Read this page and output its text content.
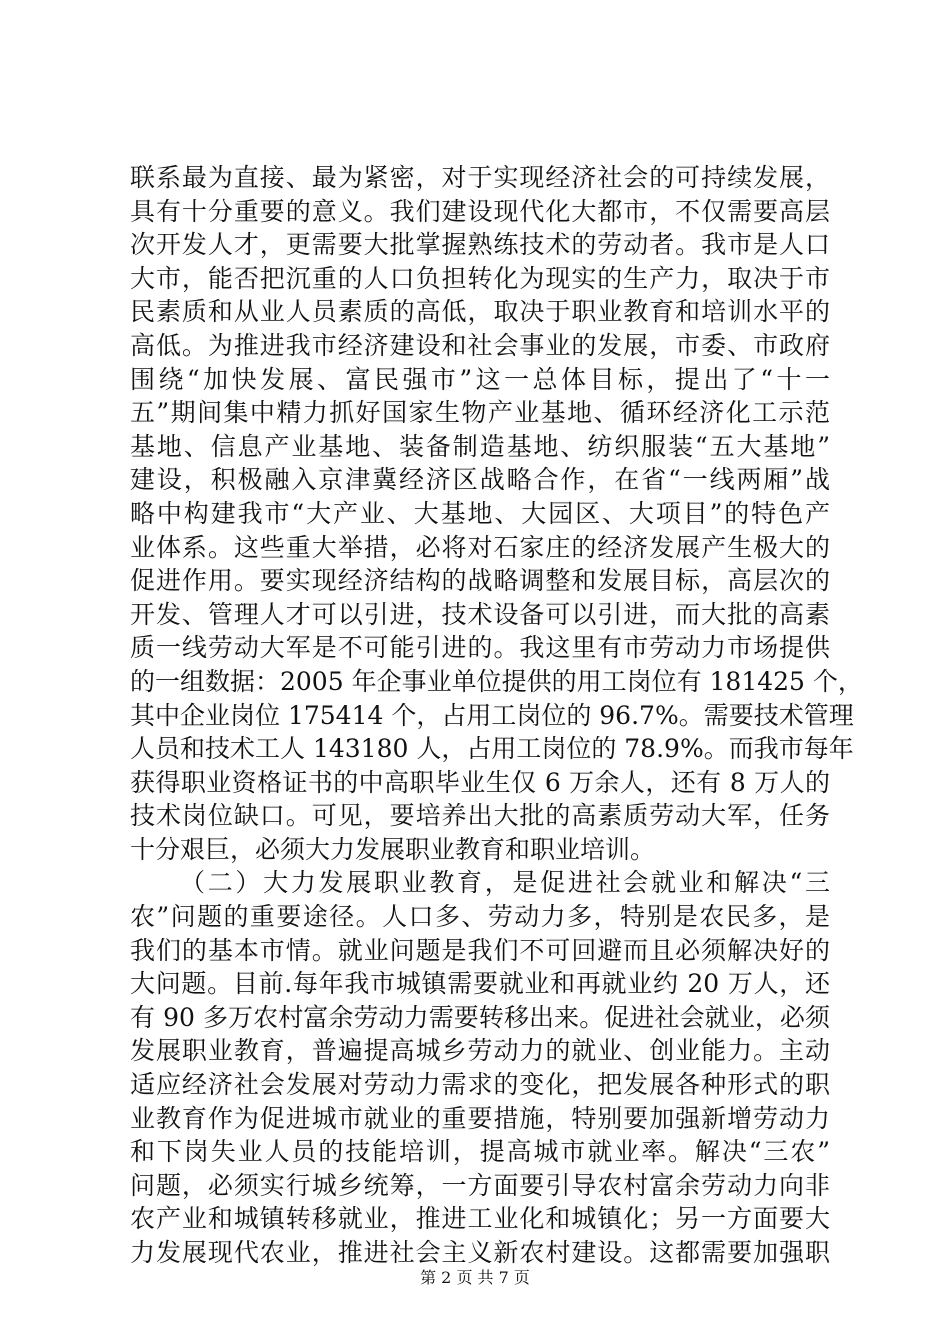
联系最为直接、最为紧密，对于实现经济社会的可持续发展，
具有十分重要的意义。我们建设现代化大都市，不仅需要高层
次开发人才，更需要大批掌握熟练技术的劳动者。我市是人口
大市，能否把沉重的人口负担转化为现实的生产力，取决于市
民素质和从业人员素质的高低，取决于职业教育和培训水平的
高低。为推进我市经济建设和社会事业的发展，市委、市政府
围绕“加快发展、富民强市”这一总体目标，提出了“十一
五”期间集中精力抓好国家生物产业基地、循环经济化工示范
基地、信息产业基地、装备制造基地、纺织服装“五大基地”
建设，积极融入京津冀经济区战略合作，在省“一线两厢”战
略中构建我市“大产业、大基地、大园区、大项目”的特色产
业体系。这些重大举措，必将对石家庄的经济发展产生极大的
促进作用。要实现经济结构的战略调整和发展目标，高层次的
开发、管理人才可以引进，技术设备可以引进，而大批的高素
质一线劳动大军是不可能引进的。我这里有市劳动力市场提供
的一组数据：2005 年企事业单位提供的用工岗位有 181425 个，
其中企业岗位 175414 个，占用工岗位的 96.7%。需要技术管理
人员和技术工人 143180 人，占用工岗位的 78.9%。而我市每年
获得职业资格证书的中高职毕业生仅 6 万余人，还有 8 万人的
技术岗位缺口。可见，要培养出大批的高素质劳动大军，任务
十分艰巨，必须大力发展职业教育和职业培训。
（二）大力发展职业教育，是促进社会就业和解决“三
农”问题的重要途径。人口多、劳动力多，特别是农民多，是
我们的基本市情。就业问题是我们不可回避而且必须解决好的
大问题。目前.每年我市城镇需要就业和再就业约 20 万人，还
有 90 多万农村富余劳动力需要转移出来。促进社会就业，必须
发展职业教育，普遍提高城乡劳动力的就业、创业能力。主动
适应经济社会发展对劳动力需求的变化，把发展各种形式的职
业教育作为促进城市就业的重要措施，特别要加强新增劳动力
和下岗失业人员的技能培训，提高城市就业率。解决“三农”
问题，必须实行城乡统筹，一方面要引导农村富余劳动力向非
农产业和城镇转移就业，推进工业化和城镇化；另一方面要大
力发展现代农业，推进社会主义新农村建设。这都需要加强职
第 2 页 共 7 页
